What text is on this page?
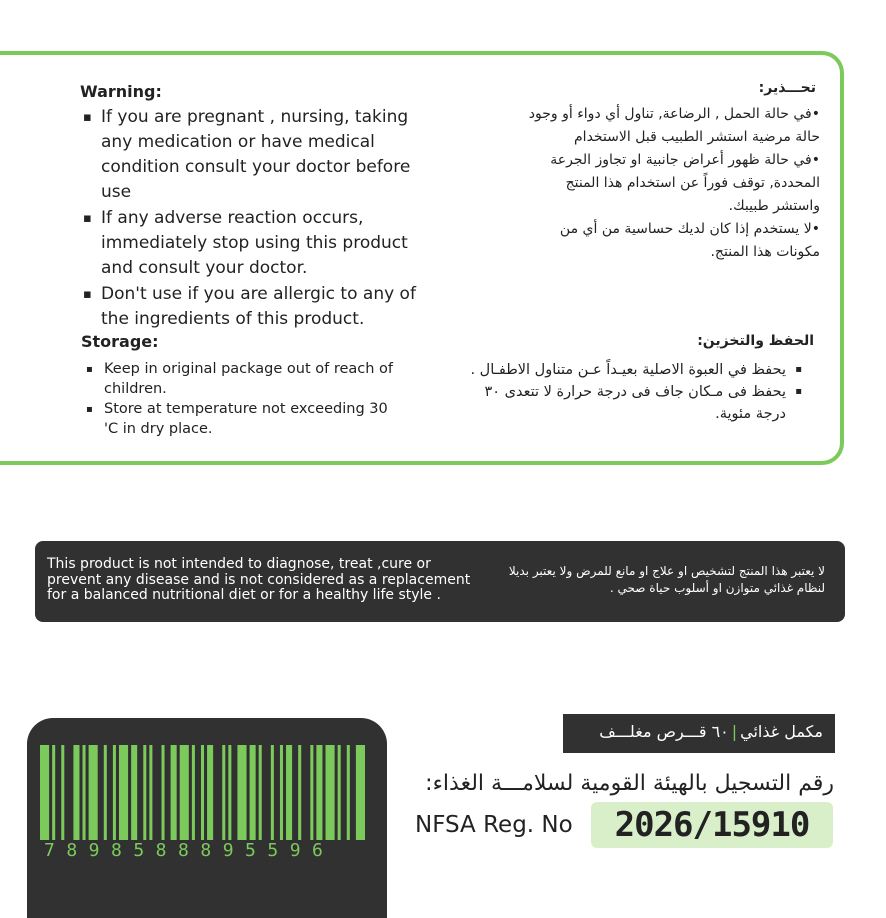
Warning:
▪ If you are pregnant , nursing, taking any medication or have medical condition consult your doctor before use
▪ If any adverse reaction occurs, immediately stop using this product and consult your doctor.
▪ Don't use if you are allergic to any of the ingredients of this product.
تحـــذير:
•في حالة الحمل , الرضاعة, تناول أي دواء أو وجود حالة مرضية استشر الطبيب قبل الاستخدام
•في حالة ظهور أعراض جانبية او تجاوز الجرعة المحددة, توقف فوراً عن استخدام هذا المنتج واستشر طبيبك.
•لا يستخدم إذا كان لديك حساسية من أي من مكونات هذا المنتج.
Storage:
▪ Keep in original package out of reach of children.
▪ Store at temperature not exceeding 30 'C in dry place.
الحفظ والتخزين:
▪ يحفظ في العبوة الاصلية بعيـداً عـن متناول الاطفـال .
▪ يحفظ فى مـكان جاف فى درجة حرارة لا تتعدى ٣٠ درجة مئوية.
This product is not intended to diagnose, treat ,cure or prevent any disease and is not considered as a replacement for a balanced nutritional diet or for a healthy life style .
لا يعتبر هذا المنتج لتشخيص او علاج او مانع للمرض ولا يعتبر بديلا لنظام غذائي متوازن او أسلوب حياة صحي .
7898588895596
مكمل غذائي|٦٠ قـــرص مغلـــف
رقم التسجيل بالهيئة القومية لسلامـــة الغذاء:
NFSA Reg. No	2026/15910
